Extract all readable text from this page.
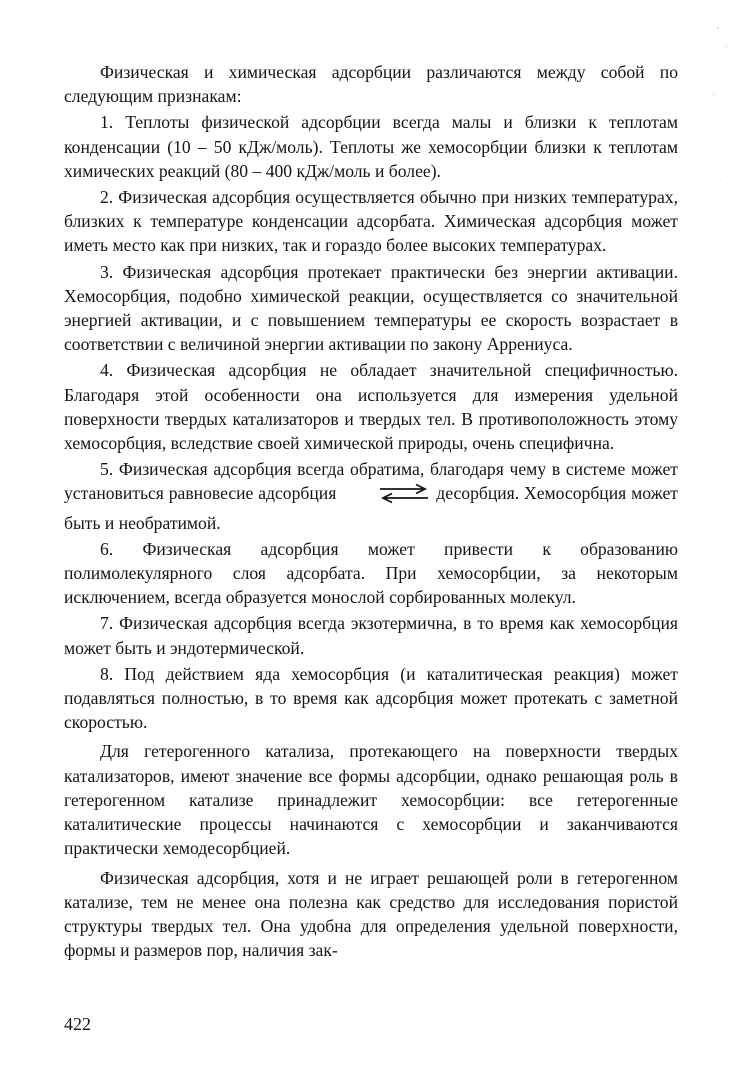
Физическая и химическая адсорбции различаются между собой по следующим признакам:

1. Теплоты физической адсорбции всегда малы и близки к теплотам конденсации (10 – 50 кДж/моль). Теплоты же хемосорбции близки к теплотам химических реакций (80 – 400 кДж/моль и более).

2. Физическая адсорбция осуществляется обычно при низких температурах, близких к температуре конденсации адсорбата. Химическая адсорбция может иметь место как при низких, так и гораздо более высоких температурах.

3. Физическая адсорбция протекает практически без энергии активации. Хемосорбция, подобно химической реакции, осуществляется со значительной энергией активации, и с повышением температуры ее скорость возрастает в соответствии с величиной энергии активации по закону Аррениуса.

4. Физическая адсорбция не обладает значительной специфичностью. Благодаря этой особенности она используется для измерения удельной поверхности твердых катализаторов и твердых тел. В противоположность этому хемосорбция, вследствие своей химической природы, очень специфична.

5. Физическая адсорбция всегда обратима, благодаря чему в системе может установиться равновесие адсорбция	десорбция. Хемосорбция может быть и необратимой.

6. Физическая адсорбция может привести к образованию полимолекулярного слоя адсорбата. При хемосорбции, за некоторым исключением, всегда образуется монослой сорбированных молекул.

7. Физическая адсорбция всегда экзотермична, в то время как хемосорбция может быть и эндотермической.

8. Под действием яда хемосорбция (и каталитическая реакция) может подавляться полностью, в то время как адсорбция может протекать с заметной скоростью.

Для гетерогенного катализа, протекающего на поверхности твердых катализаторов, имеют значение все формы адсорбции, однако решающая роль в гетерогенном катализе принадлежит хемосорбции: все гетерогенные каталитические процессы начинаются с хемосорбции и заканчиваются практически хемодесорбцией.

Физическая адсорбция, хотя и не играет решающей роли в гетерогенном катализе, тем не менее она полезна как средство для исследования пористой структуры твердых тел. Она удобна для определения удельной поверхности, формы и размеров пор, наличия зак-

422
